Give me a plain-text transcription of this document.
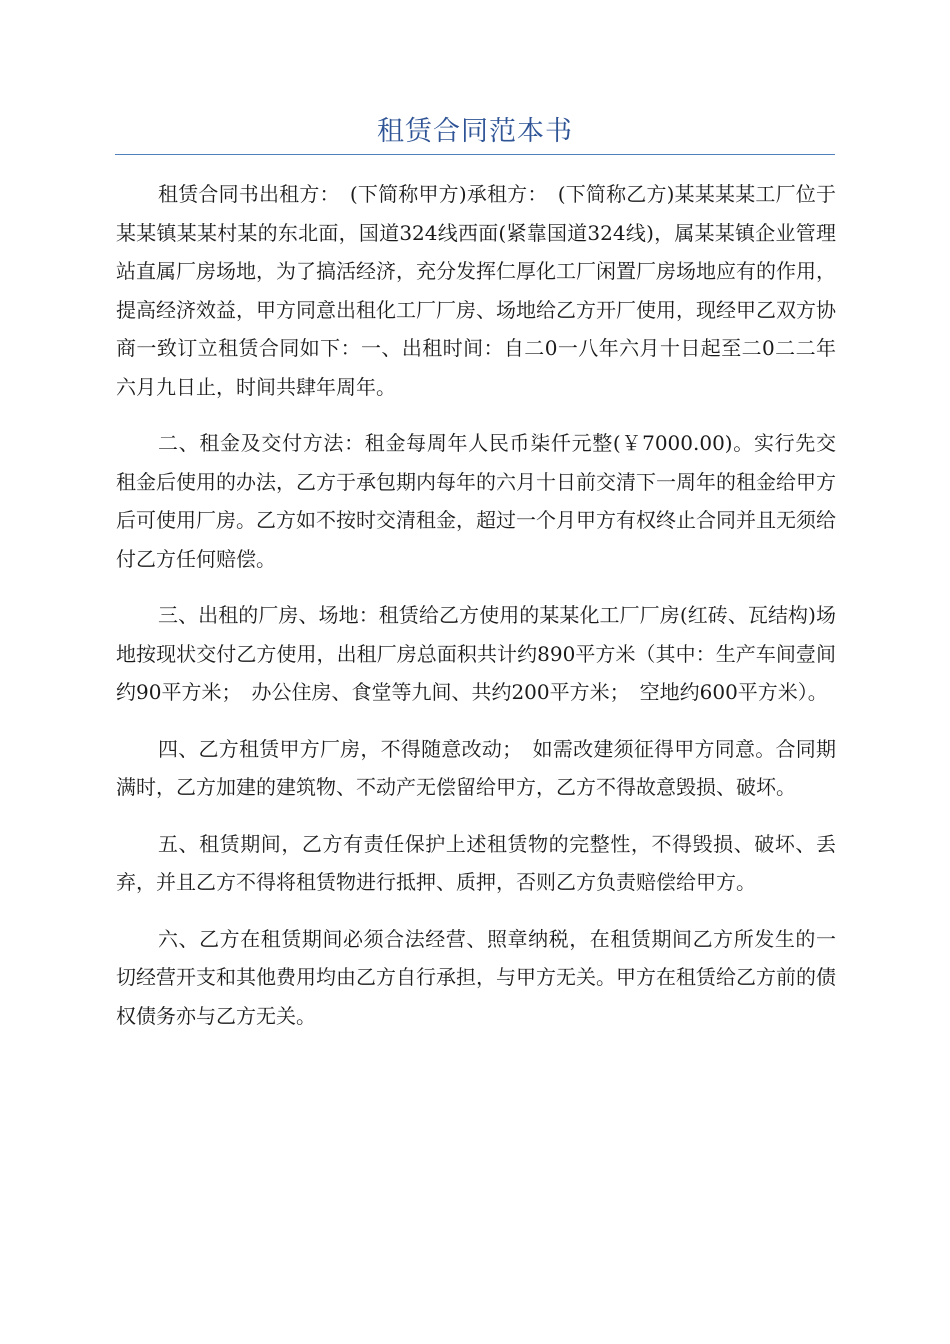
租赁合同范本书

租赁合同书出租方：　(下简称甲方)承租方：　(下简称乙方)某某某某工厂位于某某镇某某村某的东北面，国道324线西面(紧靠国道324线)，属某某镇企业管理站直属厂房场地，为了搞活经济，充分发挥仁厚化工厂闲置厂房场地应有的作用，提高经济效益，甲方同意出租化工厂厂房、场地给乙方开厂使用，现经甲乙双方协商一致订立租赁合同如下：一、出租时间：自二0一八年六月十日起至二0二二年六月九日止，时间共肆年周年。

二、租金及交付方法：租金每周年人民币柒仟元整(￥7000.00)。实行先交租金后使用的办法，乙方于承包期内每年的六月十日前交清下一周年的租金给甲方后可使用厂房。乙方如不按时交清租金，超过一个月甲方有权终止合同并且无须给付乙方任何赔偿。

三、出租的厂房、场地：租赁给乙方使用的某某化工厂厂房(红砖、瓦结构)场地按现状交付乙方使用，出租厂房总面积共计约890平方米（其中：生产车间壹间约90平方米；　办公住房、食堂等九间、共约200平方米；　空地约600平方米）。

四、乙方租赁甲方厂房，不得随意改动；　如需改建须征得甲方同意。合同期满时，乙方加建的建筑物、不动产无偿留给甲方，乙方不得故意毁损、破坏。

五、租赁期间，乙方有责任保护上述租赁物的完整性，不得毁损、破坏、丢弃，并且乙方不得将租赁物进行抵押、质押，否则乙方负责赔偿给甲方。

六、乙方在租赁期间必须合法经营、照章纳税，在租赁期间乙方所发生的一切经营开支和其他费用均由乙方自行承担，与甲方无关。甲方在租赁给乙方前的债权债务亦与乙方无关。
